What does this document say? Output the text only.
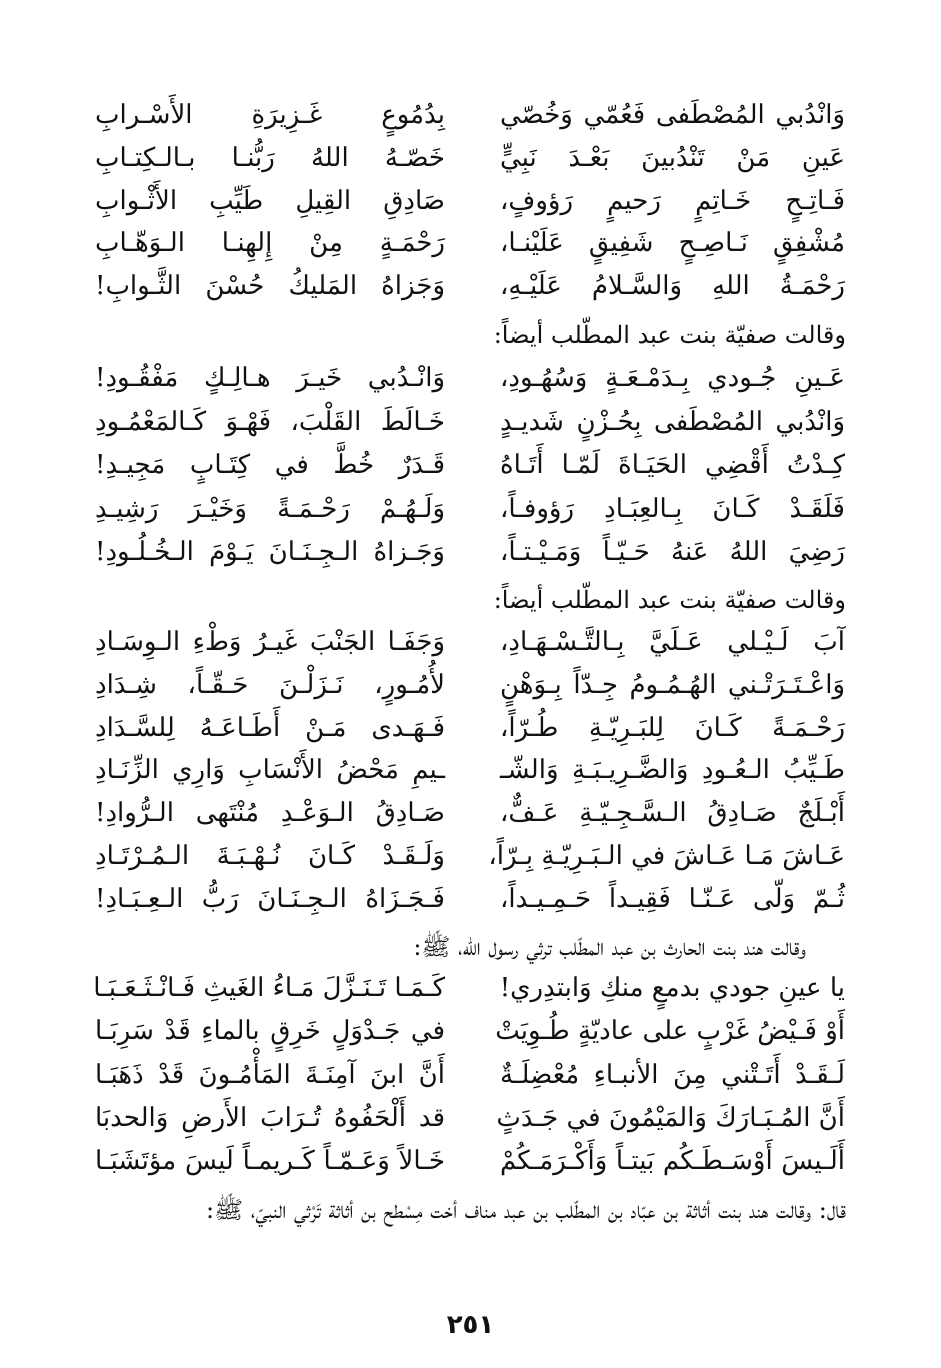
وَانْدُبي المُصْطَفى فَعُمّي وَخُصّي
بِدُمُوعٍ غَـزِيرَةِ الأَسْـرابِ
عَينِ مَنْ تَنْدُبينَ بَعْـدَ نَبِيٍّ
خَصّـهُ اللهُ رَبُّنـا بـالـكِتـابِ
فَـاتِـحٍ خَـاتِمٍ رَحيمٍ رَؤوفٍ،
صَادِقِ القِيلِ طَيِّبِ الأَثْـوابِ
مُشْفِقٍ نَـاصِـحٍ شَفِيقٍ عَلَيْنـا،
رَحْمَـةٍ مِنْ إِلهِنـا الـوَهّـابِ
رَحْمَـةُ اللهِ وَالسَّـلامُ عَلَيْـهِ،
وَجَزاهُ المَليكُ حُسْنَ الثَّـوابِ!
وقالت صفيّة بنت عبد المطّلب أيضاً:
عَـينِ جُـودي بِـدَمْـعَـةٍ وَسُهُـودِ،
وَانْـدُبي خَيـرَ هـالِـكٍ مَفْقُـودِ!
وَانْدُبي المُصْطَفى بِحُـزْنٍ شَديـدٍ
خَـالَطَ القَلْبَ، فَهْـوَ كَـالمَعْمُـودِ
كِـدْتُ أَقْضِي الحَيَـاةَ لَمّـا أَتَـاهُ
قَـدَرٌ خُطَّ في كِتَـابٍ مَجِيـدِ!
فَلَقَـدْ كَـانَ بِـالعِبَـادِ رَؤوفـاً،
وَلَـهُـمْ رَحْـمَـةً وَخَيْـرَ رَشِيـدِ
رَضِيَ اللهُ عَنهُ حَـيّـاً وَمَـيْـتـاً،
وَجَـزاهُ الـجِـنَـانَ يَـوْمَ الـخُـلُـودِ!
وقالت صفيّة بنت عبد المطّلب أيضاً:
آبَ لَـيْـلي عَـلَيَّ بِـالتَّـسْـهَـادِ،
وَجَفَـا الجَنْبَ غَيـرُ وَطْءِ الـوِسَـادِ
وَاعْـتَـرَتْـني الهُـمُـومُ جِـدّاً بِـوَهْنٍ
لأُمُـورٍ، نَـزَلْـنَ حَـقّـاً، شِـدَادِ
رَحْـمَـةً كَـانَ لِلبَـرِيّـةِ طُـرّاً،
فَـهَـدى مَـنْ أَطَـاعَـهُ لِلسَّـدَادِ
طَـيِّبُ الـعُـودِ وَالضَّـرِيـبَـةِ وَالشّـ
ـيمِ مَحْضُ الأَنْسَابِ وَارِي الزِّنَـادِ
أَبْـلَجٌ صَـادِقُ الـسَّـجِـيّـةِ عَـفٌّ،
صَـادِقُ الـوَعْـدِ مُنْتَهى الـرُّوادِ!
عَـاشَ مَـا عَـاشَ في الـبَـرِيّـةِ بِـرّاً،
وَلَـقَـدْ كَـانَ نُـهْـبَـةَ الـمُـرْتَـادِ
ثُـمّ وَلّى عَـنّـا فَقِيـداً حَـمِـيـداً،
فَـجَـزَاهُ الـجِـنَـانَ رَبُّ الـعِـبَـادِ!
وقالت هند بنت الحارث بن عبد المطّلب ترثي رسول الله، ﷺ:
يا عينِ جودي بدمعٍ منكِ وَابتدِري!
كَـمَـا تَـنَـزَّلَ مَـاءُ الغَيثِ فَـانْـثَـعَـبَـا
أَوْ فَـيْضُ غَرْبٍ على عاديّةٍ طُـوِيَتْ
في جَـدْوَلٍ خَرِقٍ بالماءِ قَدْ سَرِبَـا
لَـقَـدْ أَتَـتْني مِنَ الأنبـاءِ مُعْضِلَـةٌ
أَنَّ ابنَ آمِنَـةَ المَأْمُـونَ قَدْ ذَهَبَـا
أَنَّ المُـبَـارَكَ وَالمَيْمُونَ في جَـدَثٍ
قد أَلْحَفُوهُ تُـرَابَ الأَرضِ وَالحدبَا
أَلَـيسَ أَوْسَـطَـكُم بَيتـاً وَأَكْـرَمَـكُمْ
خَـالاً وَعَـمّـاً كَـريمـاً لَيسَ مؤتَشَبَـا
قال: وقالت هند بنت أثاثة بن عبّاد بن المطّلب بن عبد مناف أخت مِسْطح بن أثاثة تَرْثي النبيّ، ﷺ:
٢٥١
